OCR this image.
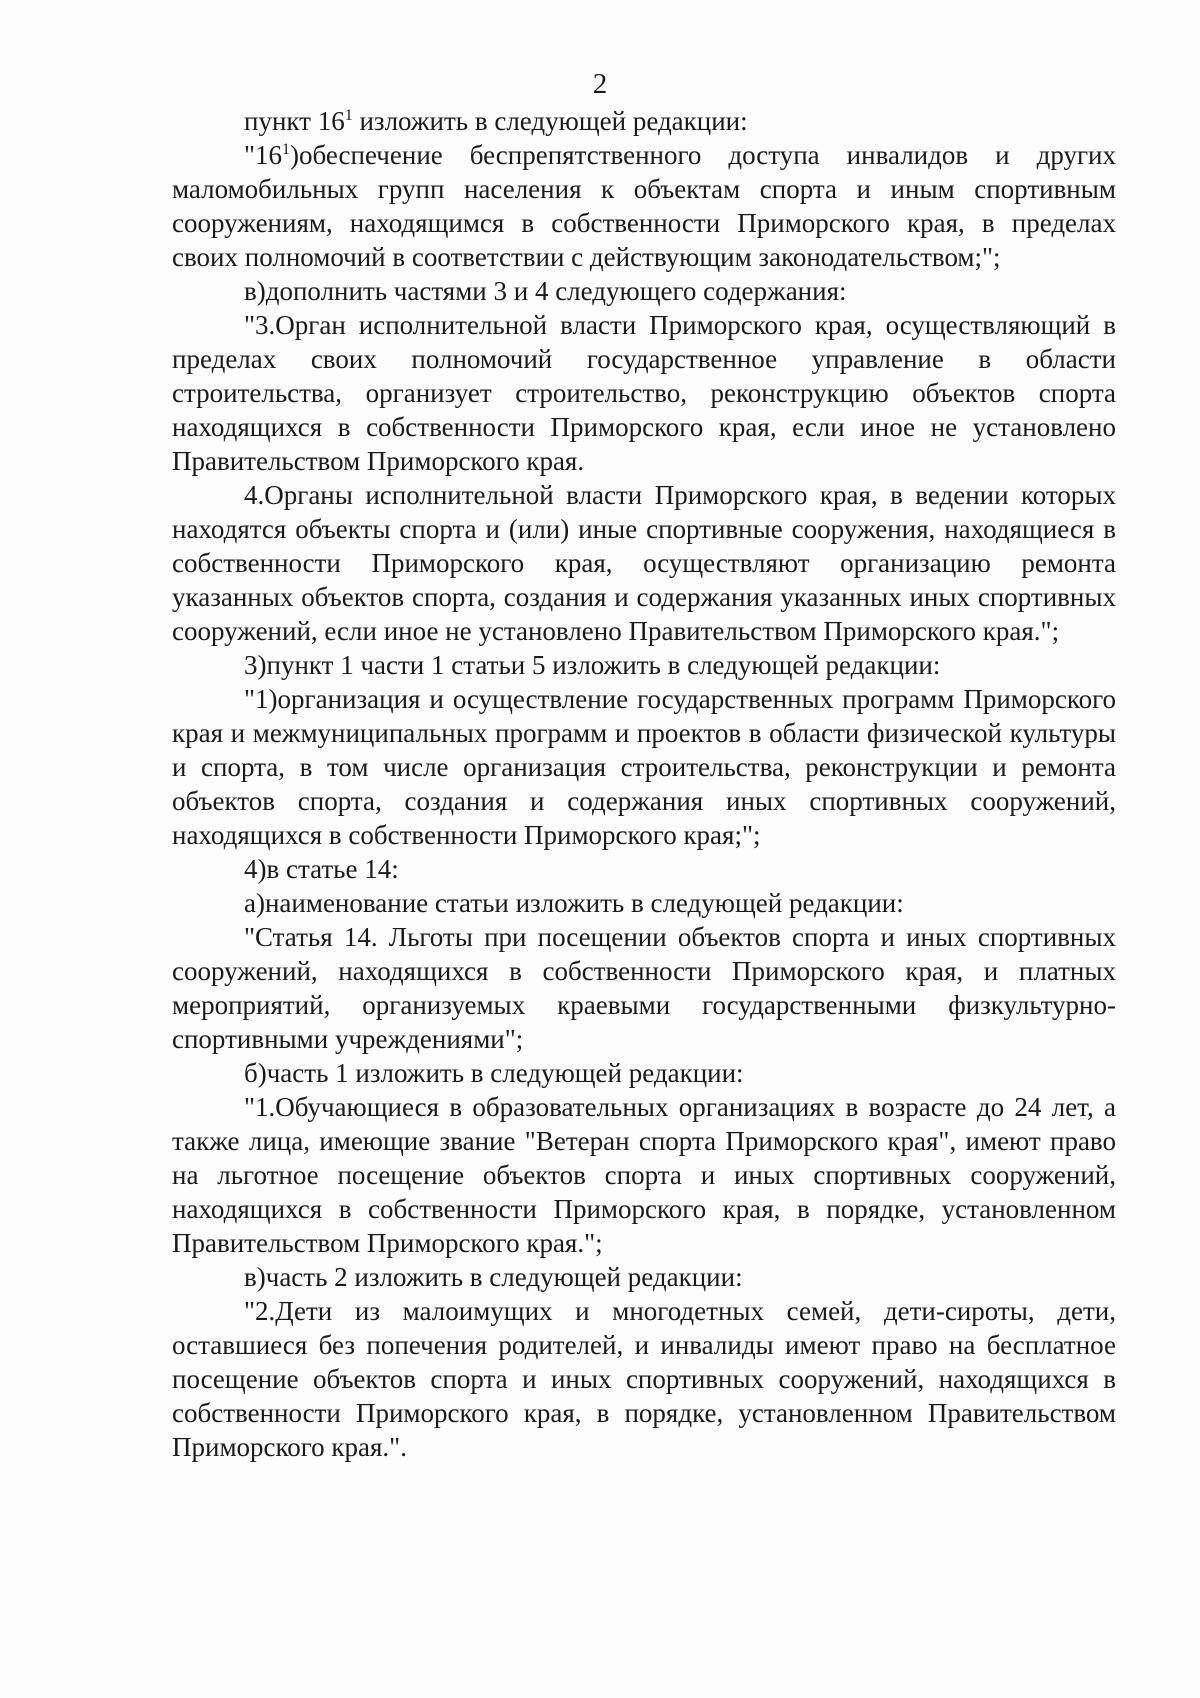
2

пункт $16^1$ изложить в следующей редакции:

"$16^1)обеспечение$ беспрепятственного доступа инвалидов и других маломобильных групп населения к объектам спорта и иным спортивным сооружениям, находящимся в собственности Приморского края, в пределах своих полномочий в соответствии с действующим законодательством;";

в)дополнить частями 3 и 4 следующего содержания:

"3.Орган исполнительной власти Приморского края, осуществляющий в пределах своих полномочий государственное управление в области строительства, организует строительство, реконструкцию объектов спорта находящихся в собственности Приморского края, если иное не установлено Правительством Приморского края.

4.Органы исполнительной власти Приморского края, в ведении которых находятся объекты спорта и (или) иные спортивные сооружения, находящиеся в собственности Приморского края, осуществляют организацию ремонта указанных объектов спорта, создания и содержания указанных иных спортивных сооружений, если иное не установлено Правительством Приморского края.";

3)пункт 1 части 1 статьи 5 изложить в следующей редакции:

"1)организация и осуществление государственных программ Приморского края и межмуниципальных программ и проектов в области физической культуры и спорта, в том числе организация строительства, реконструкции и ремонта объектов спорта, создания и содержания иных спортивных сооружений, находящихся в собственности Приморского края;";

4)в статье 14:

а)наименование статьи изложить в следующей редакции:

"Статья 14. Льготы при посещении объектов спорта и иных спортивных сооружений, находящихся в собственности Приморского края, и платных мероприятий, организуемых краевыми государственными физкультурно-спортивными учреждениями";

б)часть 1 изложить в следующей редакции:

"1.Обучающиеся в образовательных организациях в возрасте до 24 лет, а также лица, имеющие звание "Ветеран спорта Приморского края", имеют право на льготное посещение объектов спорта и иных спортивных сооружений, находящихся в собственности Приморского края, в порядке, установленном Правительством Приморского края.";

в)часть 2 изложить в следующей редакции:

"2.Дети из малоимущих и многодетных семей, дети-сироты, дети, оставшиеся без попечения родителей, и инвалиды имеют право на бесплатное посещение объектов спорта и иных спортивных сооружений, находящихся в собственности Приморского края, в порядке, установленном Правительством Приморского края.".
